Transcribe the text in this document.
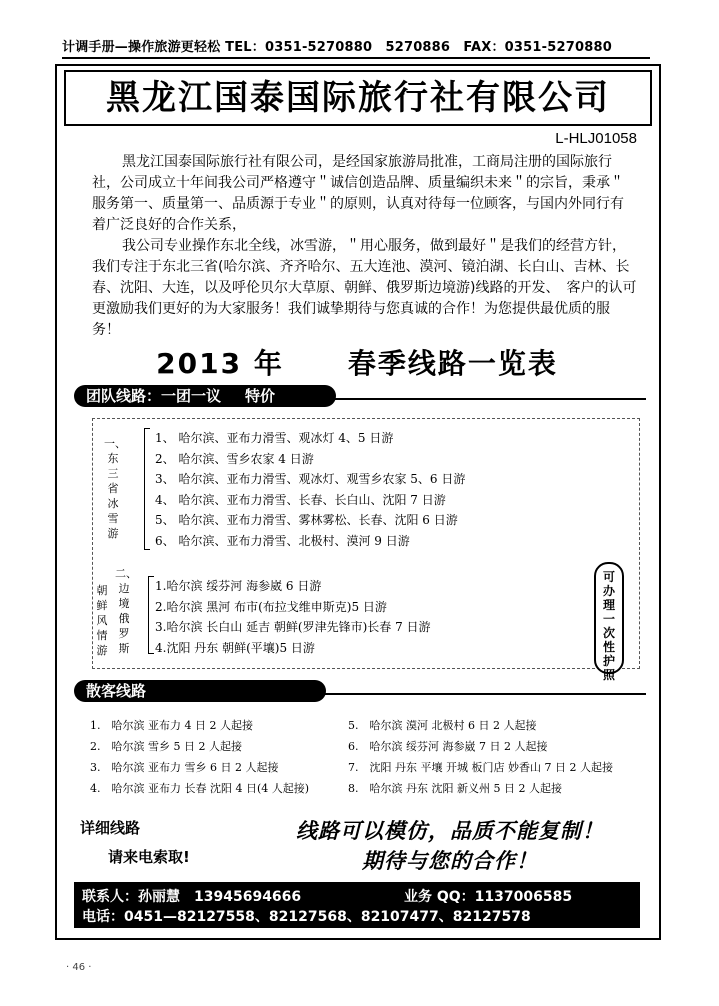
计调手册—操作旅游更轻松 TEL：0351-5270880　5270886　FAX：0351-5270880
黑龙江国泰国际旅行社有限公司
L-HLJ01058

黑龙江国泰国际旅行社有限公司，是经国家旅游局批准，工商局注册的国际旅行社，公司成立十年间我公司严格遵守＂诚信创造品牌、质量编织未来＂的宗旨，秉承＂服务第一、质量第一、品质源于专业＂的原则，认真对待每一位顾客，与国内外同行有着广泛良好的合作关系，

我公司专业操作东北全线，冰雪游，＂用心服务，做到最好＂是我们的经营方针，我们专注于东北三省(哈尔滨、齐齐哈尔、五大连池、漠河、镜泊湖、长白山、吉林、长春、沈阳、大连，以及呼伦贝尔大草原、朝鲜、俄罗斯边境游)线路的开发、　客户的认可更激励我们更好的为大家服务！我们诚挚期待与您真诚的合作！为您提供最优质的服务！

2013 年 春季线路一览表
团队线路：一团一议 特价
一、
东
三
省
冰
雪
游
1、 哈尔滨、亚布力滑雪、观冰灯 4、5 日游
2、 哈尔滨、雪乡农家 4 日游
3、 哈尔滨、亚布力滑雪、观冰灯、观雪乡农家 5、6 日游
4、 哈尔滨、亚布力滑雪、长春、长白山、沈阳 7 日游
5、 哈尔滨、亚布力滑雪、雾林雾松、长春、沈阳 6 日游
6、 哈尔滨、亚布力滑雪、北极村、漠河 9 日游
二、
边
境
俄
罗
斯
朝
鲜
风
情
游
1.哈尔滨 绥芬河 海参崴 6 日游
2.哈尔滨 黑河 布市(布拉戈维申斯克)5 日游
3.哈尔滨 长白山 延吉 朝鲜(罗津先锋市)长春 7 日游
4.沈阳 丹东 朝鲜(平壤)5 日游
可
办
理
一
次
性
护
照
散客线路
1.　哈尔滨 亚布力 4 日 2 人起接
2.　哈尔滨 雪乡 5 日 2 人起接
3.　哈尔滨 亚布力 雪乡 6 日 2 人起接
4.　哈尔滨 亚布力 长春 沈阳 4 日(4 人起接)
5.　哈尔滨 漠河 北极村 6 日 2 人起接
6.　哈尔滨 绥芬河 海参崴 7 日 2 人起接
7.　沈阳 丹东 平壤 开城 板门店 妙香山 7 日 2 人起接
8.　哈尔滨 丹东 沈阳 新义州 5 日 2 人起接
详细线路
请来电索取!
线路可以模仿，品质不能复制！
期待与您的合作！
联系人：孙丽慧　13945694666	业务 QQ：1137006585
电话：0451—82127558、82127568、82107477、82127578
· 46 ·
